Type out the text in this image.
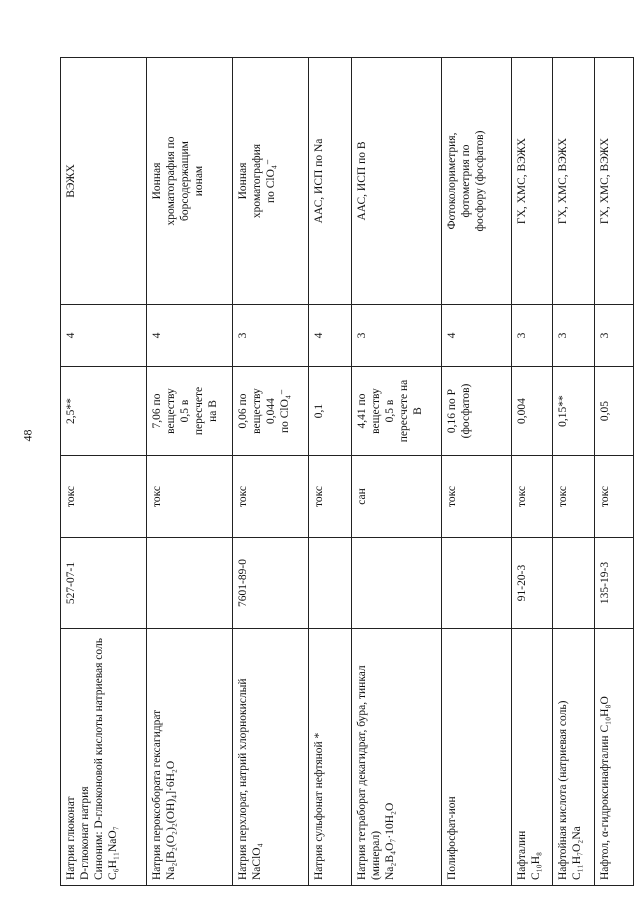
48
Натрия глюконат D-глюконат натрия Синоним: D-глюконовой кислоты натриевая соль C₆H₁₁NaO₇	527-07-1	токс	2,5**	4	ВЭЖХ

Натрия пероксобората гексагидрат Na₂[B₂(O₂)₂(OH)₄]·6H₂O		токс	7,06 по веществу 0,5 в пересчете на В	4	Ионная хроматография по борсодержащим ионам

Натрия перхлорат, натрий хлорнокислый NaClO₄	7601-89-0	токс	0,06 по веществу 0,044 по ClO₄⁻	3	Ионная хроматография по ClO₄⁻

Натрия сульфонат нефтяной *		токс	0,1	4	ААС, ИСП по Na

Натрия тетраборат декагидрат, бура, тинкал (минерал) Na₂B₄O₇·10H₂O		сан	4,41 по веществу 0,5 в пересчете на В	3	ААС, ИСП по В

Полифосфат-ион		токс	0,16 по Р (фосфатов)	4	Фотоколориметрия, фотометрия по фосфору (фосфатов)

Нафталин C₁₀H₈	91-20-3	токс	0,004	3	ГХ, ХМС, ВЭЖХ

Нафтойная кислота (натриевая соль) C₁₁H₇O₂Na		токс	0,15**	3	ГХ, ХМС, ВЭЖХ

Нафтол, α-гидроксинафталин C₁₀H₈O	135-19-3	токс	0,05	3	ГХ, ХМС, ВЭЖХ
